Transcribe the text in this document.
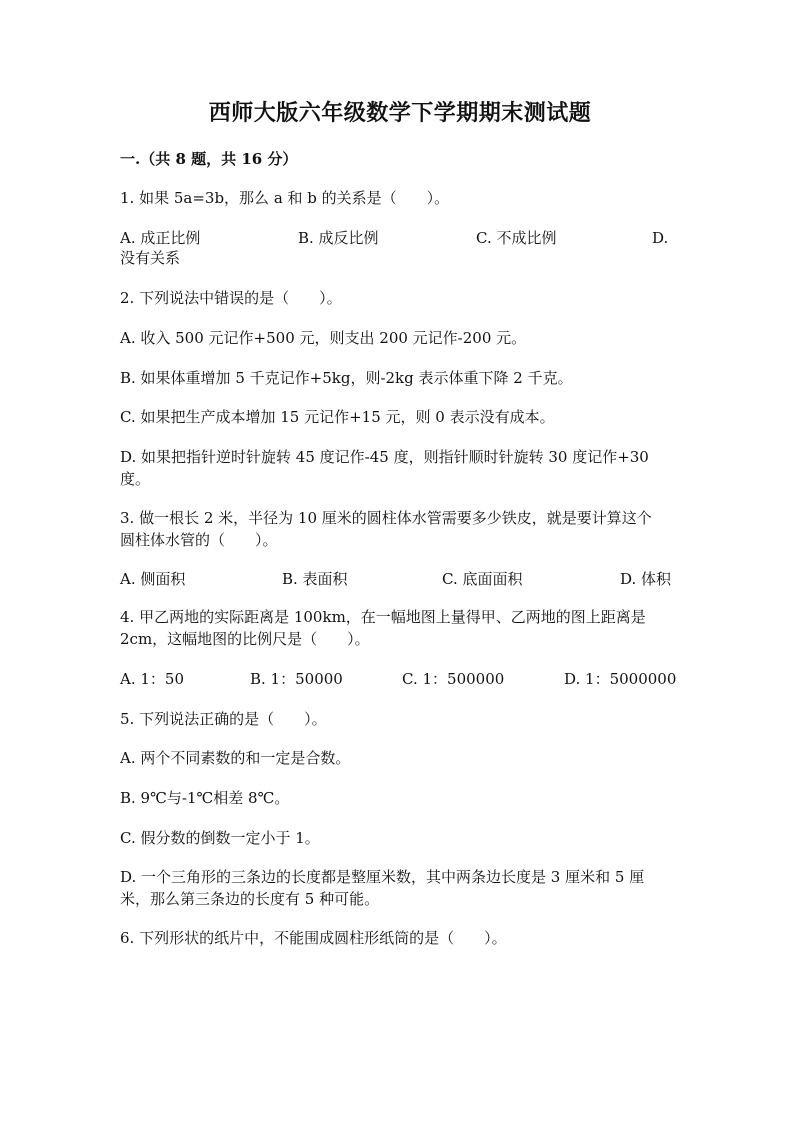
西师大版六年级数学下学期期末测试题
一.（共 8 题，共 16 分）
1. 如果 5a=3b，那么 a 和 b 的关系是（　　）。
A. 成正比例	B. 成反比例	C. 不成比例	D.
没有关系
2. 下列说法中错误的是（　　）。
A. 收入 500 元记作+500 元，则支出 200 元记作-200 元。
B. 如果体重增加 5 千克记作+5kg，则-2kg 表示体重下降 2 千克。
C. 如果把生产成本增加 15 元记作+15 元，则 0 表示没有成本。
D. 如果把指针逆时针旋转 45 度记作-45 度，则指针顺时针旋转 30 度记作+30
度。
3. 做一根长 2 米，半径为 10 厘米的圆柱体水管需要多少铁皮，就是要计算这个
圆柱体水管的（　　）。
A. 侧面积	B. 表面积	C. 底面面积	D. 体积
4. 甲乙两地的实际距离是 100km，在一幅地图上量得甲、乙两地的图上距离是
2cm，这幅地图的比例尺是（　　）。
A. 1：50	B. 1：50000	C. 1：500000	D. 1：5000000
5. 下列说法正确的是（　　）。
A. 两个不同素数的和一定是合数。
B. 9℃与-1℃相差 8℃。
C. 假分数的倒数一定小于 1。
D. 一个三角形的三条边的长度都是整厘米数，其中两条边长度是 3 厘米和 5 厘
米，那么第三条边的长度有 5 种可能。
6. 下列形状的纸片中，不能围成圆柱形纸筒的是（　　）。
